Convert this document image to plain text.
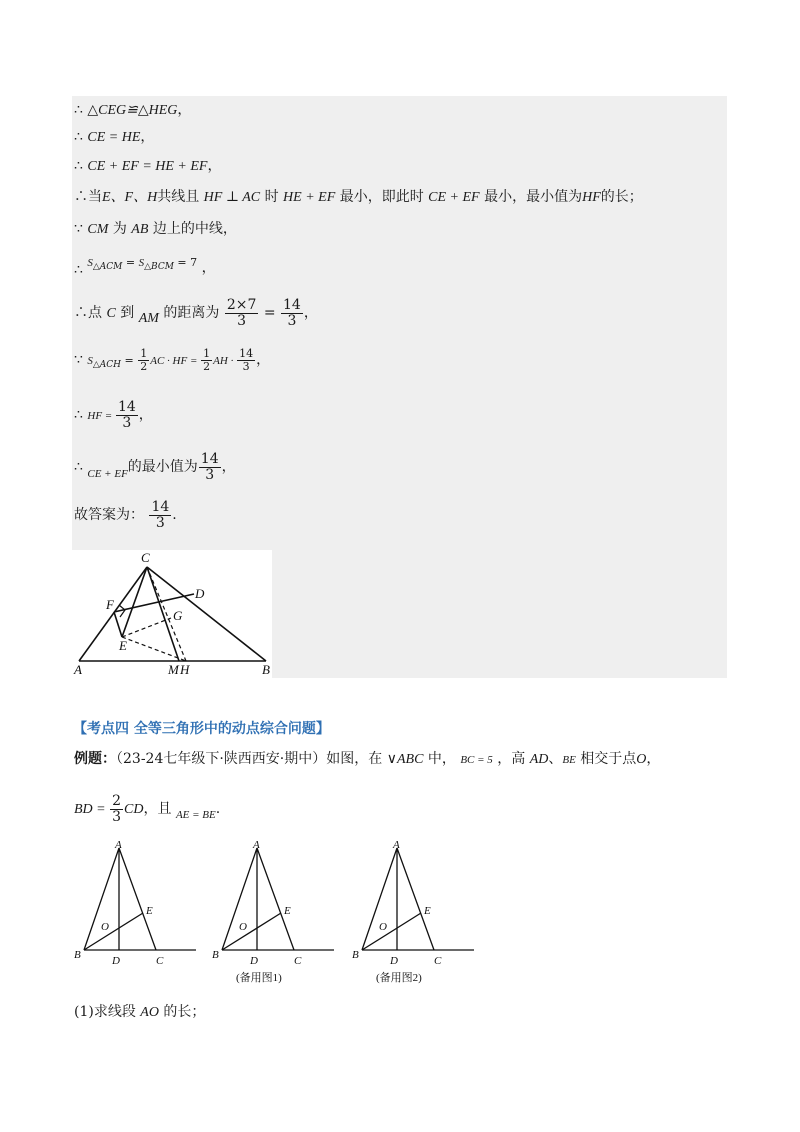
∴ △CEG≌△HEG，
∴ CE = HE，
∴ CE + EF = HE + EF，
∴当E、F、H共线且 HF ⊥ AC 时 HE + EF 最小，即此时 CE + EF 最小，最小值为HF的长；
∵ CM 为 AB 边上的中线，
∴ $S_{\triangle ACM} = S_{\triangle BCM} = 7$ ，
∴点 C 到 AM 的距离为 $\frac{2\times 7}{3} = \frac{14}{3}$ ，
∵ $S_{\triangle ACH} = \frac{1}{2}$ AC · HF = $\frac{1}{2}$ AH · $\frac{14}{3}$ ，
∴ HF = $\frac{14}{3}$ ，
∴ $_{CE + EF}$的最小值为 $\frac{14}{3}$ ，
故答案为： $\frac{14}{3}$ .
C
D
F
G
E
A	M H	B
【考点四 全等三角形中的动点综合问题】
例题：（23-24七年级下·陕西西安·期中）如图，在 ∨ABC 中， BC = 5 ，高 AD、BE 相交于点O，
BD = $\frac{2}{3}$ CD，且 $_{AE = BE}$.
A
B	C
D
E
O
A
B	C
D
E
O
(备用图1)
A
B	C
D
E
O
(备用图2)
(1)求线段 AO 的长；
